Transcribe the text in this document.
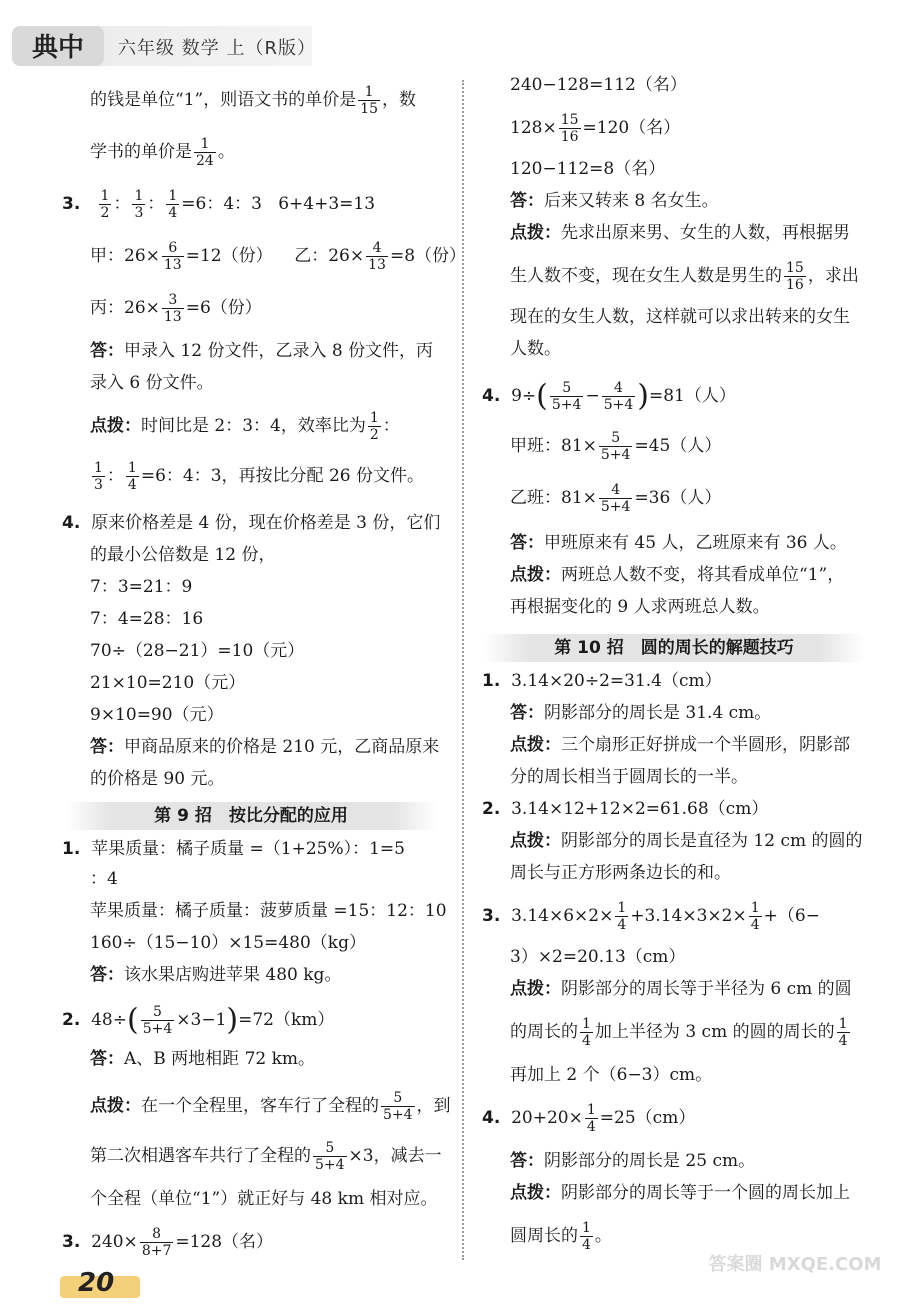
典中 六年级 数学 上（R版）
的钱是单位“1”，则语文书的单价是 $\frac{1}{15}$ ，数
学书的单价是 $\frac{1}{24}$ 。
3. $\frac{1}{2}$ ： $\frac{1}{3}$ ： $\frac{1}{4} =6$：4：3 6+4+3=13
甲：$26\times \frac{6}{13} =12$（份） 乙：$26\times \frac{4}{13} =8$（份）
丙：$26\times \frac{3}{13} =6$（份）
答：甲录入 12 份文件，乙录入 8 份文件，丙
录入 6 份文件。
点拨：时间比是 2：3：4，效率比为 $\frac{1}{2}$ ：
$\frac{1}{3}$ ： $\frac{1}{4} =6$：4：3，再按比分配 26 份文件。
4. 原来价格差是 4 份，现在价格差是 3 份，它们
的最小公倍数是 12 份，
7：3=21：9
7：4=28：16
70÷（28−21）=10（元）
21×10=210（元）
9×10=90（元）
答：甲商品原来的价格是 210 元，乙商品原来
的价格是 90 元。
第 9 招　按比分配的应用
1. 苹果质量：橘子质量 =（1+25%）：1=5
：4
苹果质量：橘子质量：菠萝质量 =15：12：10
160÷（15−10）×15=480（kg）
答：该水果店购进苹果 480 kg。
2. $48\div( \frac{5}{5+4} \times 3-1)=72(km)$
答：A、B 两地相距 72 km。
点拨：在一个全程里，客车行了全程的 $\frac{5}{5+4}$ ，到
第二次相遇客车共行了全程的 $\frac{5}{5+4} \times 3$，减去一
个全程（单位“1”）就正好与 48 km 相对应。
3. $240\times \frac{8}{8+7} =128$（名）
240−128=112（名）
$128\times \frac{15}{16} =120$（名）
120−112=8（名）
答：后来又转来 8 名女生。
点拨：先求出原来男、女生的人数，再根据男
生人数不变，现在女生人数是男生的 $\frac{15}{16}$ ，求出
现在的女生人数，这样就可以求出转来的女生
人数。
4. $9\div( \frac{5}{5+4} - \frac{4}{5+4} )=81$（人）
甲班：$81\times \frac{5}{5+4} =45$（人）
乙班：$81\times \frac{4}{5+4} =36$（人）
答：甲班原来有 45 人，乙班原来有 36 人。
点拨：两班总人数不变，将其看成单位“1”，
再根据变化的 9 人求两班总人数。
第 10 招　圆的周长的解题技巧
1. 3.14×20÷2=31.4（cm）
答：阴影部分的周长是 31.4 cm。
点拨：三个扇形正好拼成一个半圆形，阴影部
分的周长相当于圆周长的一半。
2. 3.14×12+12×2=61.68（cm）
点拨：阴影部分的周长是直径为 12 cm 的圆的
周长与正方形两条边长的和。
3. $3.14\times 6\times 2\times \frac{1}{4} +3.14\times 3\times 2\times \frac{1}{4} +(6-$
3）×2=20.13（cm）
点拨：阴影部分的周长等于半径为 6 cm 的圆
的周长的 $\frac{1}{4}$ 加上半径为 3 cm 的圆的周长的 $\frac{1}{4}$
再加上 2 个（6−3）cm。
4. $20+20\times \frac{1}{4} =25(cm)$
答：阴影部分的周长是 25 cm。
点拨：阴影部分的周长等于一个圆的周长加上
圆周长的 $\frac{1}{4}$ 。
20
答案圈 MXQE.COM
